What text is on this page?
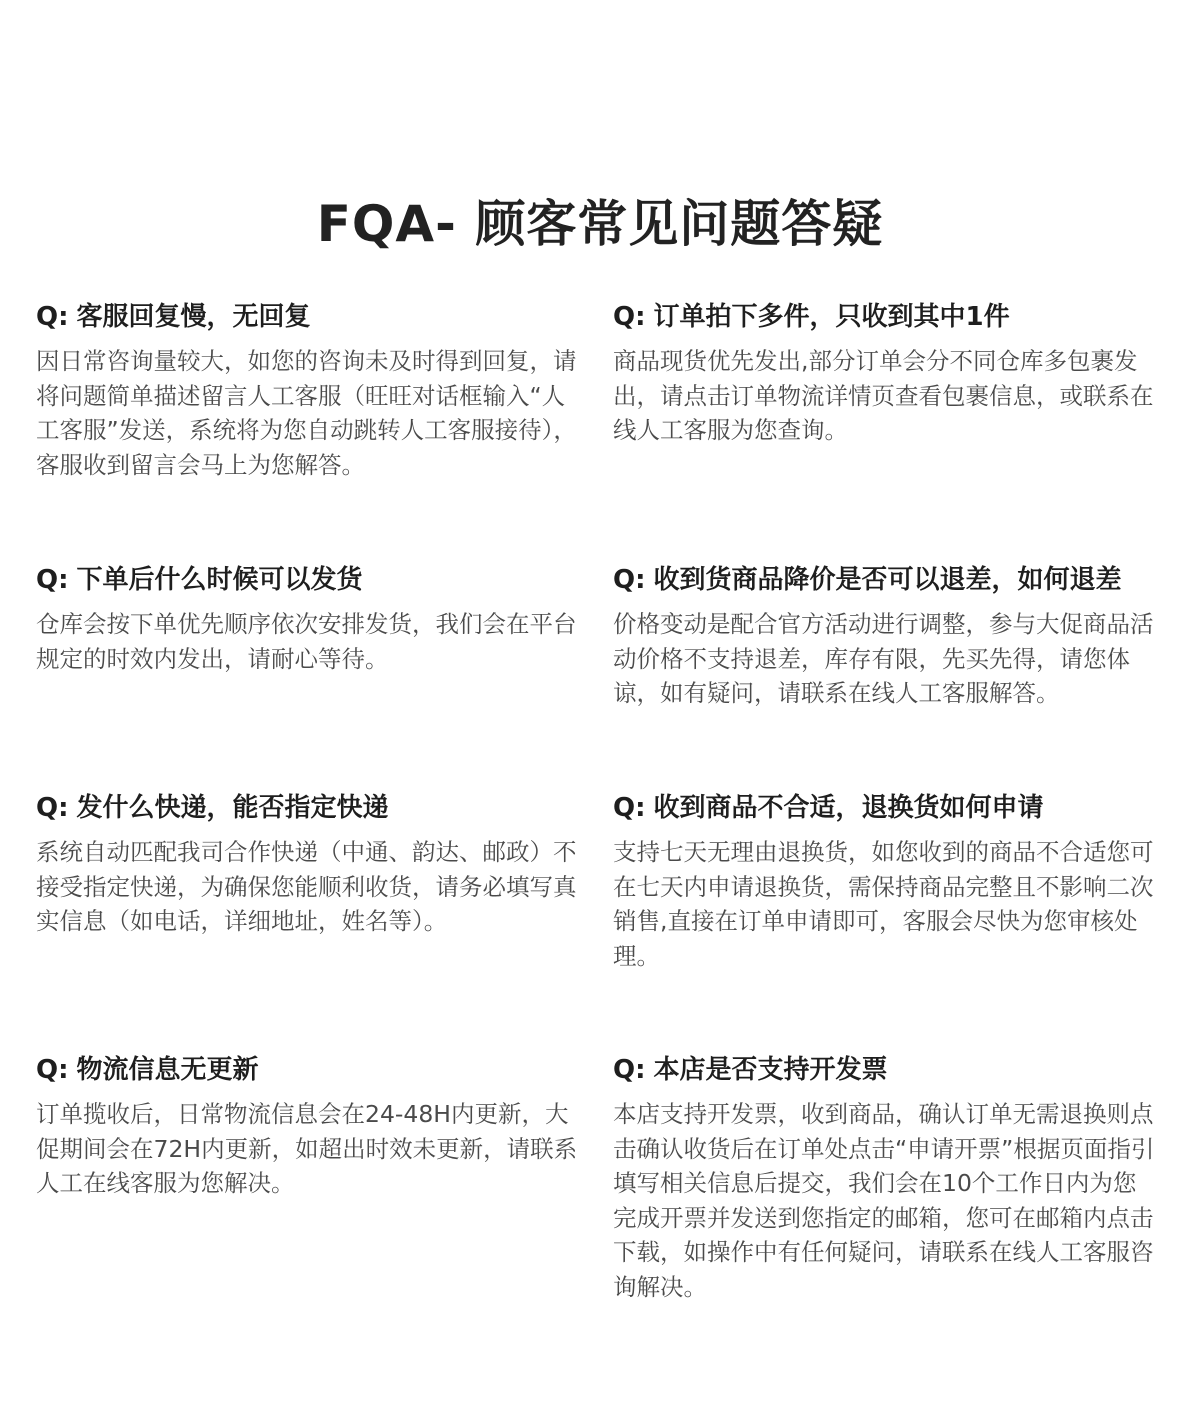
FQA- 顾客常见问题答疑

Q: 客服回复慢，无回复

因日常咨询量较大，如您的咨询未及时得到回复，请将问题简单描述留言人工客服（旺旺对话框输入“人工客服”发送，系统将为您自动跳转人工客服接待），客服收到留言会马上为您解答。

Q: 订单拍下多件，只收到其中1件

商品现货优先发出,部分订单会分不同仓库多包裹发出，请点击订单物流详情页查看包裹信息，或联系在线人工客服为您查询。

Q: 下单后什么时候可以发货

仓库会按下单优先顺序依次安排发货，我们会在平台规定的时效内发出，请耐心等待。

Q: 收到货商品降价是否可以退差，如何退差

价格变动是配合官方活动进行调整，参与大促商品活动价格不支持退差，库存有限，先买先得，请您体谅，如有疑问，请联系在线人工客服解答。

Q: 发什么快递，能否指定快递

系统自动匹配我司合作快递（中通、韵达、邮政）不接受指定快递，为确保您能顺利收货，请务必填写真实信息（如电话，详细地址，姓名等）。

Q: 收到商品不合适，退换货如何申请

支持七天无理由退换货，如您收到的商品不合适您可在七天内申请退换货，需保持商品完整且不影响二次销售,直接在订单申请即可，客服会尽快为您审核处理。

Q: 物流信息无更新

订单揽收后，日常物流信息会在24-48H内更新，大促期间会在72H内更新，如超出时效未更新，请联系人工在线客服为您解决。

Q: 本店是否支持开发票

本店支持开发票，收到商品，确认订单无需退换则点击确认收货后在订单处点击“申请开票”根据页面指引填写相关信息后提交，我们会在10个工作日内为您完成开票并发送到您指定的邮箱，您可在邮箱内点击下载，如操作中有任何疑问，请联系在线人工客服咨询解决。
